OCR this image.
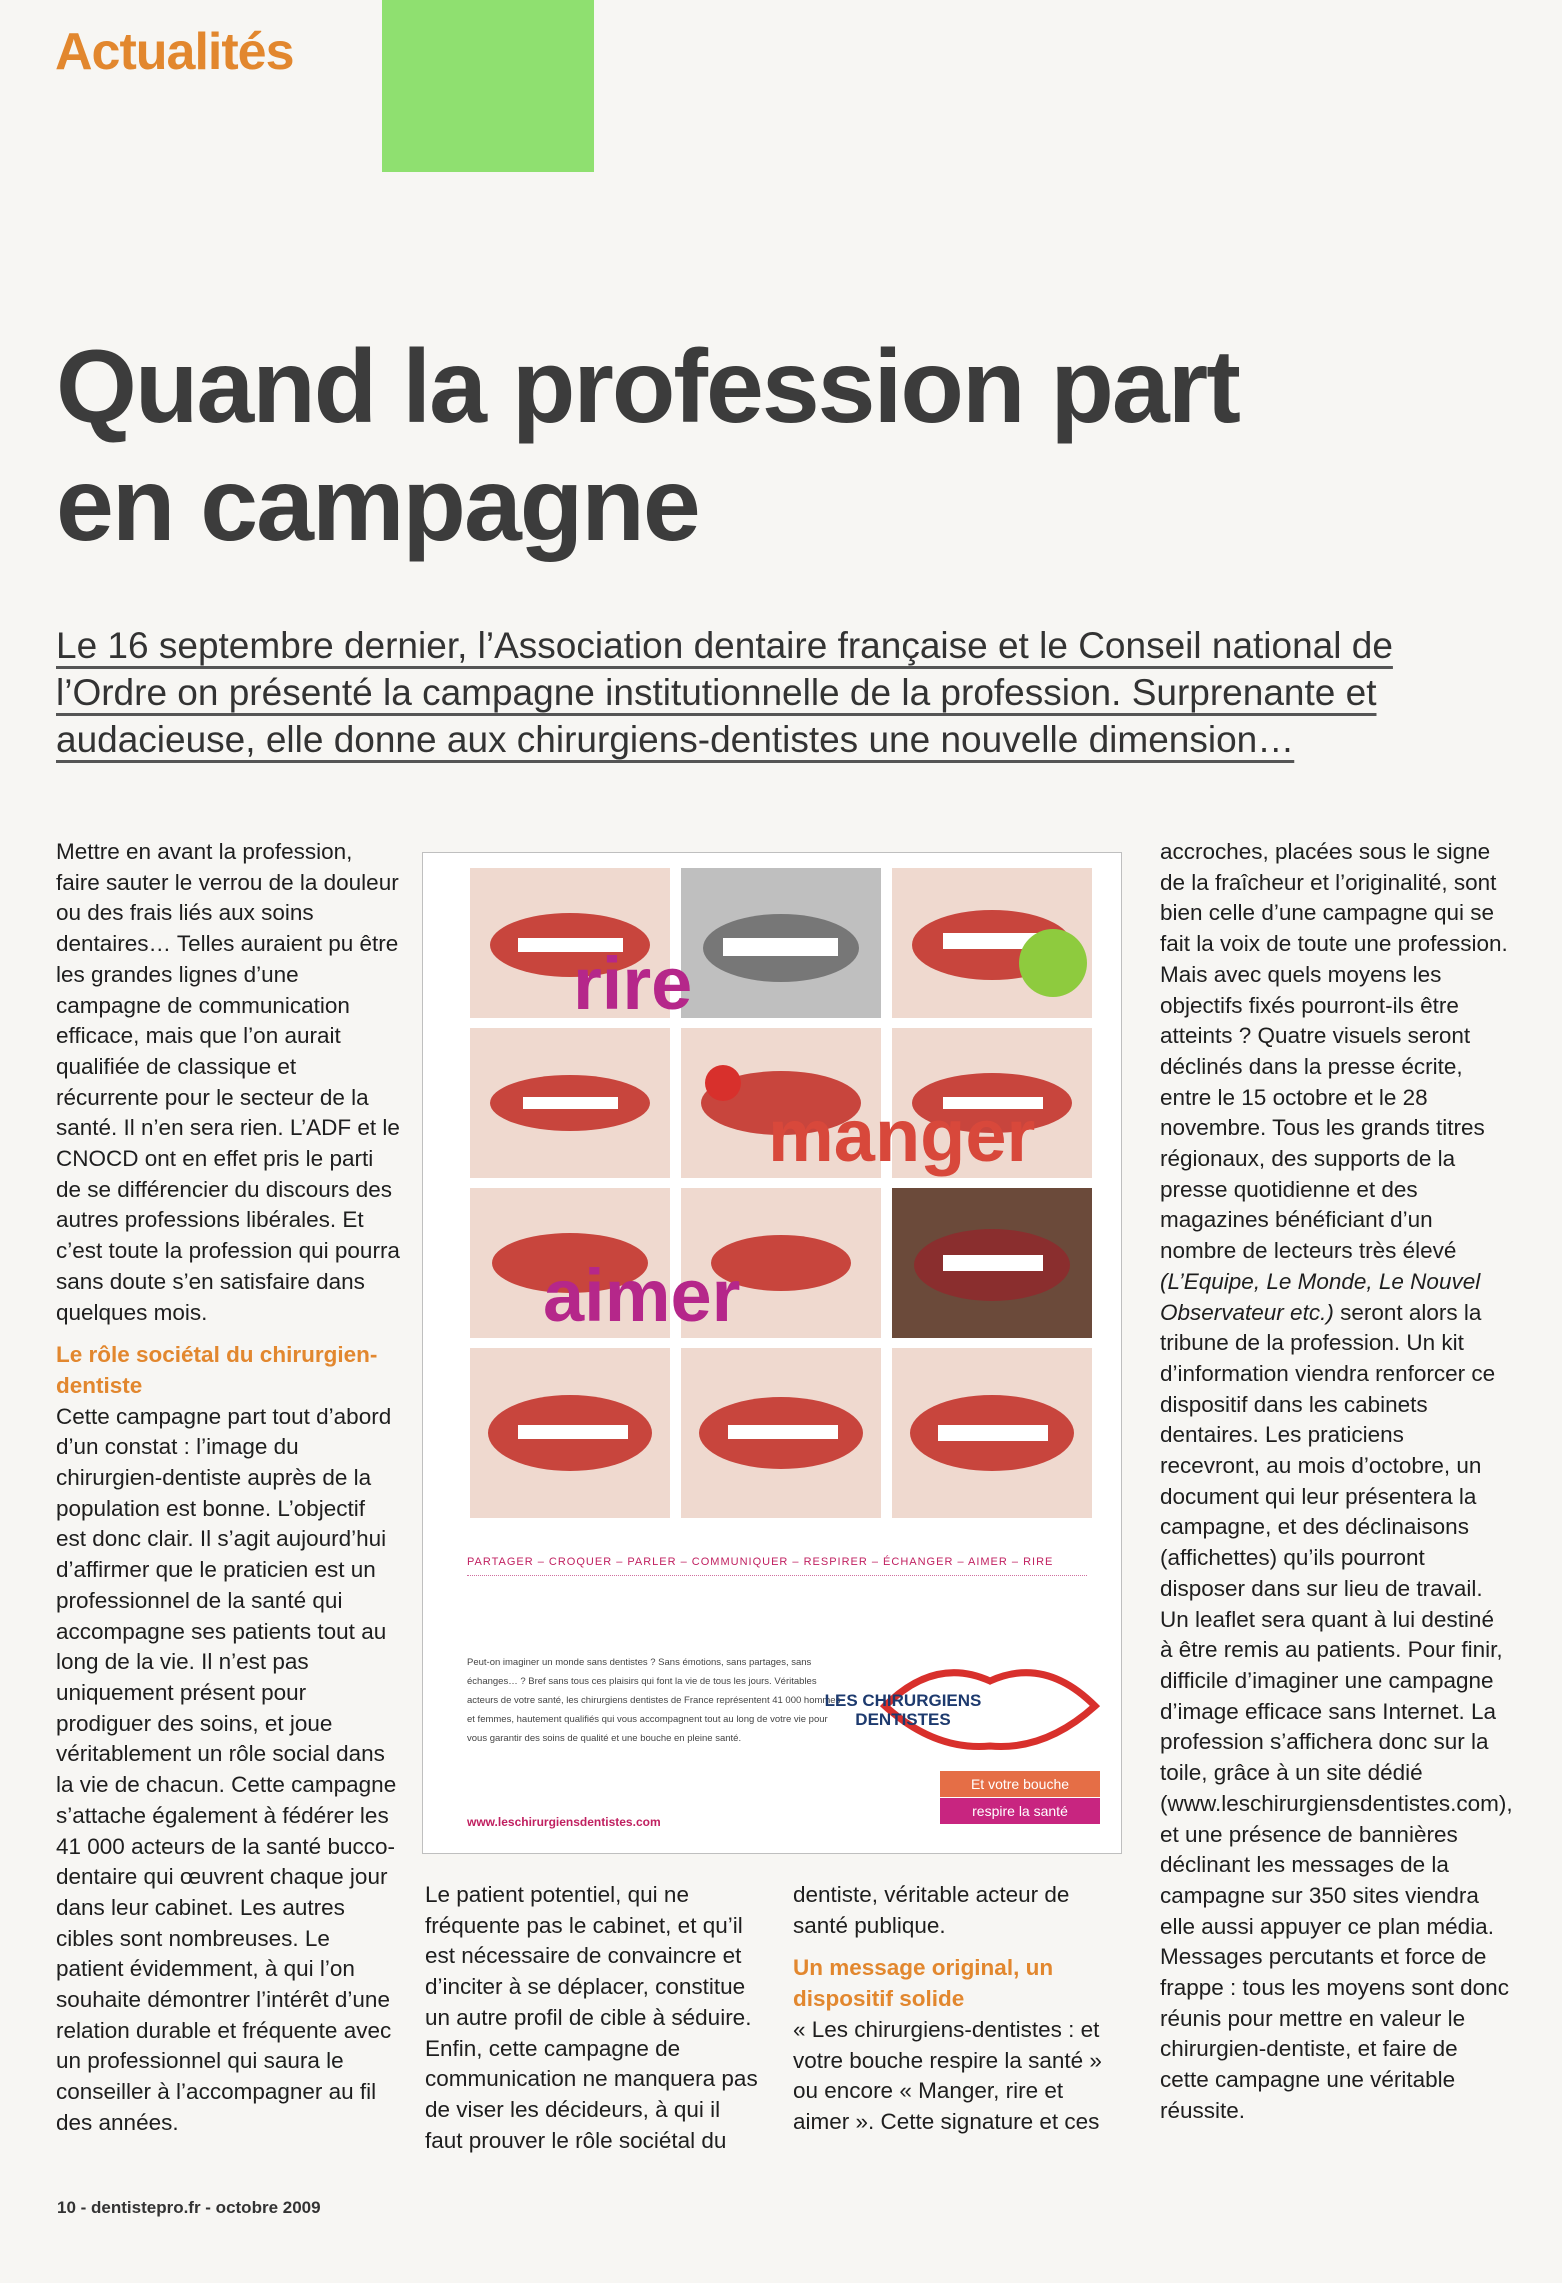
Actualités
Quand la profession part en campagne
Le 16 septembre dernier, l’Association dentaire française et le Conseil national de l’Ordre on présenté la campagne institutionnelle de la profession. Surprenante et audacieuse, elle donne aux chirurgiens-dentistes une nouvelle dimension…

Mettre en avant la profession, faire sauter le verrou de la douleur ou des frais liés aux soins dentaires… Telles auraient pu être les grandes lignes d’une campagne de communication efficace, mais que l’on aurait qualifiée de classique et récurrente pour le secteur de la santé. Il n’en sera rien. L’ADF et le CNOCD ont en effet pris le parti de se différencier du discours des autres professions libérales. Et c’est toute la profession qui pourra sans doute s’en satisfaire dans quelques mois.

Le rôle sociétal du chirurgien-dentiste

Cette campagne part tout d’abord d’un constat : l’image du chirurgien-dentiste auprès de la population est bonne. L’objectif est donc clair. Il s’agit aujourd’hui d’affirmer que le praticien est un professionnel de la santé qui accompagne ses patients tout au long de la vie. Il n’est pas uniquement présent pour prodiguer des soins, et joue véritablement un rôle social dans la vie de chacun. Cette campagne s’attache également à fédérer les 41 000 acteurs de la santé bucco-dentaire qui œuvrent chaque jour dans leur cabinet. Les autres cibles sont nombreuses. Le patient évidemment, à qui l’on souhaite démontrer l’intérêt d’une relation durable et fréquente avec un professionnel qui saura le conseiller à l’accompagner au fil des années.

rire
manger
aimer
PARTAGER – CROQUER – PARLER – COMMUNIQUER – RESPIRER – ÉCHANGER – AIMER – RIRE
Peut-on imaginer un monde sans dentistes ? Sans émotions, sans partages, sans échanges… ? Bref sans tous ces plaisirs qui font la vie de tous les jours. Véritables acteurs de votre santé, les chirurgiens dentistes de France représentent 41 000 hommes et femmes, hautement qualifiés qui vous accompagnent tout au long de votre vie pour vous garantir des soins de qualité et une bouche en pleine santé.
LES CHIRURGIENS DENTISTES
Et votre bouche
respire la santé
www.leschirurgiensdentistes.com

Le patient potentiel, qui ne fréquente pas le cabinet, et qu’il est nécessaire de convaincre et d’inciter à se déplacer, constitue un autre profil de cible à séduire. Enfin, cette campagne de communication ne manquera pas de viser les décideurs, à qui il faut prouver le rôle sociétal du

dentiste, véritable acteur de santé publique.

Un message original, un dispositif solide

« Les chirurgiens-dentistes : et votre bouche respire la santé » ou encore « Manger, rire et aimer ». Cette signature et ces

accroches, placées sous le signe de la fraîcheur et l’originalité, sont bien celle d’une campagne qui se fait la voix de toute une profession. Mais avec quels moyens les objectifs fixés pourront-ils être atteints ? Quatre visuels seront déclinés dans la presse écrite, entre le 15 octobre et le 28 novembre. Tous les grands titres régionaux, des supports de la presse quotidienne et des magazines bénéficiant d’un nombre de lecteurs très élevé (L’Equipe, Le Monde, Le Nouvel Observateur etc.) seront alors la tribune de la profession. Un kit d’information viendra renforcer ce dispositif dans les cabinets dentaires. Les praticiens recevront, au mois d’octobre, un document qui leur présentera la campagne, et des déclinaisons (affichettes) qu’ils pourront disposer dans sur lieu de travail. Un leaflet sera quant à lui destiné à être remis au patients. Pour finir, difficile d’imaginer une campagne d’image efficace sans Internet. La profession s’affichera donc sur la toile, grâce à un site dédié (www.leschirurgiensdentistes.com), et une présence de bannières déclinant les messages de la campagne sur 350 sites viendra elle aussi appuyer ce plan média. Messages percutants et force de frappe : tous les moyens sont donc réunis pour mettre en valeur le chirurgien-dentiste, et faire de cette campagne une véritable réussite.

10 - dentistepro.fr - octobre 2009
